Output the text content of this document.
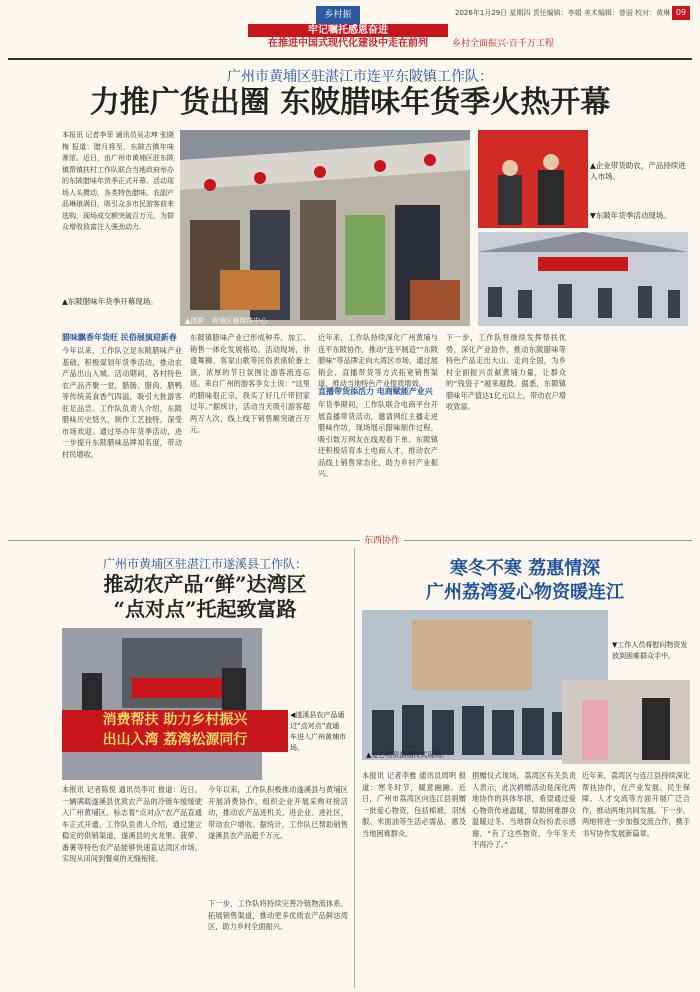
乡村振	2026年1月29日 星期四 责任编辑：李娟 美术编辑：曾丽 校对：黄琳 09
牢记嘱托感恩奋进
在推进中国式现代化建设中走在前列	乡村全面振兴·百千万工程
广州市黄埔区驻湛江市连平东陂镇工作队：
力推广货出圈 东陂腊味年货季火热开幕
本报讯 记者李菲 通讯员吴志坤 张晓梅 报道：腊月将至，东陂古镇年味渐浓。近日，由广州市黄埔区驻东陂镇帮镇扶村工作队联合当地政府举办的东陂腊味年货季正式开幕。活动现场人头攒动，各类特色腊味、农副产品琳琅满目，吸引众多市民游客前来选购，现场成交额突破百万元，为群众增收致富注入强劲动力。
▲东陂腊味年货季开幕现场。
▲摄影：黄埔区融媒体中心
▲企业带货助农，产品持续进入市场。
▼东陂年货季活动现场。
腊味飘香年货旺 民俗展演迎新春
今年以来，工作队立足东陂腊味产业基础，积极谋划年货季活动，推动农产品出山入城。活动期间，各村特色农产品齐聚一堂，腊肠、腊肉、腊鸭等传统美食香气四溢，吸引大批游客驻足品尝。工作队负责人介绍，东陂腊味历史悠久，制作工艺独特，深受市场欢迎。通过举办年货季活动，进一步提升东陂腊味品牌知名度，带动村民增收。
东陂镇腊味产业已形成种养、加工、销售一体化发展格局。活动现场，非遗舞狮、客家山歌等民俗表演轮番上演，浓厚的节日氛围让游客流连忘返。来自广州的游客李女士说：“这里的腊味很正宗，我买了好几斤带回家过年。”据统计，活动当天吸引游客超两万人次，线上线下销售额突破百万元。
近年来，工作队持续深化广州黄埔与连平东陂协作，推动“连平制造”“东陂腊味”等品牌走向大湾区市场，通过展销会、直播带货等方式拓宽销售渠道，推动当地特色产业提质增效。
直播带货添活力 电商赋能产业兴
年货季期间，工作队联合电商平台开展直播带货活动，邀请网红主播走进腊味作坊，现场展示腊味制作过程，吸引数万网友在线观看下单。东陂镇还积极培育本土电商人才，推动农产品线上销售常态化，助力乡村产业振兴。
下一步，工作队将继续发挥帮扶优势，深化产业协作，推动东陂腊味等特色产品走出大山、走向全国，为乡村全面振兴贡献黄埔力量，让群众的“钱袋子”越来越鼓。据悉，东陂镇腊味年产值达1亿元以上，带动农户增收致富。
东西协作
广州市黄埔区驻湛江市遂溪县工作队：
推动农产品“鲜”达湾区
“点对点”托起致富路
消费帮扶 助力乡村振兴
出山入湾 荔湾松源同行
◀遂溪县农产品通过“点对点”直通车进入广州黄埔市场。
本报讯 记者陈悦 通讯员李可 报道：近日，一辆满载遂溪县优质农产品的冷链车缓缓驶入广州黄埔区，标志着“点对点”农产品直通车正式开通。工作队负责人介绍，通过建立稳定的供销渠道，遂溪县的火龙果、菠萝、番薯等特色农产品能够快速直达湾区市场，实现从田间到餐桌的无缝衔接。
今年以来，工作队积极推动遂溪县与黄埔区开展消费协作，组织企业开展采购对接活动，推动农产品进机关、进企业、进社区，带动农户增收。据统计，工作队已帮助销售遂溪县农产品超千万元。
下一步，工作队将持续完善冷链物流体系，拓展销售渠道，推动更多优质农产品鲜达湾区，助力乡村全面振兴。
寒冬不寒 荔惠情深
广州荔湾爱心物资暖连江
▼工作人员将慰问物资发放到困难群众手中。
▲爱心物资捐赠仪式现场。
本报讯 记者李雅 通讯员周明 报道：寒冬时节，暖意融融。近日，广州市荔湾区向连江县捐赠一批爱心物资，包括棉被、羽绒服、米面油等生活必需品，惠及当地困难群众。
捐赠仪式现场，荔湾区有关负责人表示，此次捐赠活动是深化两地协作的具体举措，希望通过爱心物资传递温暖，帮助困难群众温暖过冬。当地群众纷纷表示感谢，“有了这些物资，今年冬天不再冷了。”
近年来，荔湾区与连江县持续深化帮扶协作，在产业发展、民生保障、人才交流等方面开展广泛合作，推动两地共同发展。下一步，两地将进一步加强交流合作，携手书写协作发展新篇章。
